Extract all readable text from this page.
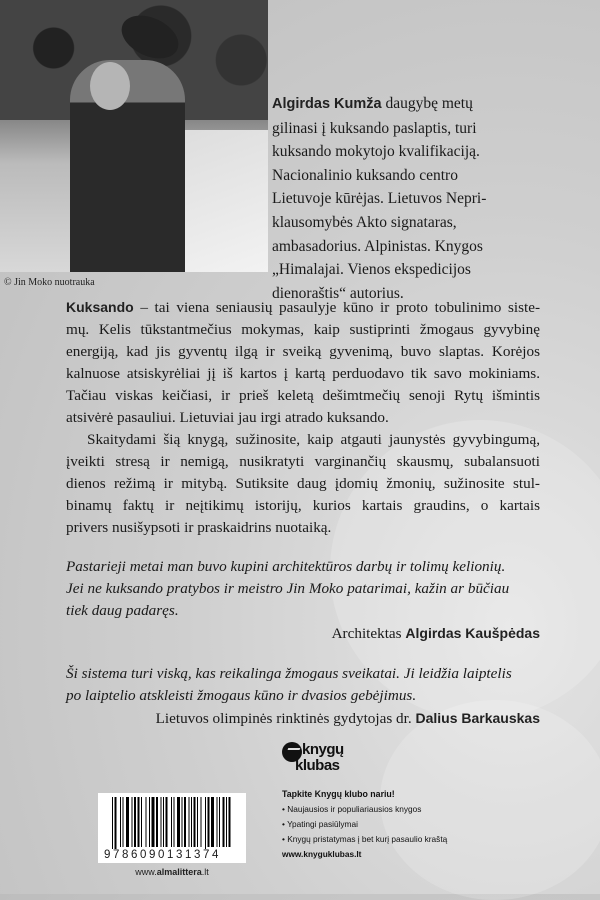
© Jin Moko nuotrauka
Algirdas Kumža daugybę metų
gilinasi į kuksando paslaptis, turi
kuksando mokytojo kvalifikaciją.
Nacionalinio kuksando centro
Lietuvoje kūrėjas. Lietuvos Nepri-
klausomybės Akto signataras,
ambasadorius. Alpinistas. Knygos
„Himalajai. Vienos ekspedicijos
dienoraštis“ autorius.
Kuksando – tai viena seniausių pasaulyje kūno ir proto tobulinimo siste-
mų. Kelis tūkstantmečius mokymas, kaip sustiprinti žmogaus gyvybinę
energiją, kad jis gyventų ilgą ir sveiką gyvenimą, buvo slaptas. Korėjos
kalnuose atsiskyrėliai jį iš kartos į kartą perduodavo tik savo mokiniams.
Tačiau viskas keičiasi, ir prieš keletą dešimtmečių senoji Rytų išmintis
atsivėrė pasauliui. Lietuviai jau irgi atrado kuksando.
Skaitydami šią knygą, sužinosite, kaip atgauti jaunystės gyvybingumą,
įveikti stresą ir nemigą, nusikratyti varginančių skausmų, subalansuoti
dienos režimą ir mitybą. Sutiksite daug įdomių žmonių, sužinosite stul-
binamų faktų ir neįtikimų istorijų, kurios kartais graudins, o kartais
privers nusišypsoti ir praskaidrins nuotaiką.
Pastarieji metai man buvo kupini architektūros darbų ir tolimų kelionių.
Jei ne kuksando pratybos ir meistro Jin Moko patarimai, kažin ar būčiau
tiek daug padaręs.
Architektas Algirdas Kaušpėdas
Ši sistema turi viską, kas reikalinga žmogaus sveikatai. Ji leidžia laiptelis
po laiptelio atskleisti žmogaus kūno ir dvasios gebėjimus.
Lietuvos olimpinės rinktinės gydytojas dr. Dalius Barkauskas
knygų
klubas
9786090131374
www.almalittera.lt
Tapkite Knygų klubo nariu!
• Naujausios ir populiariausios knygos
• Ypatingi pasiūlymai
• Knygų pristatymas į bet kurį pasaulio kraštą
www.knyguklubas.lt
